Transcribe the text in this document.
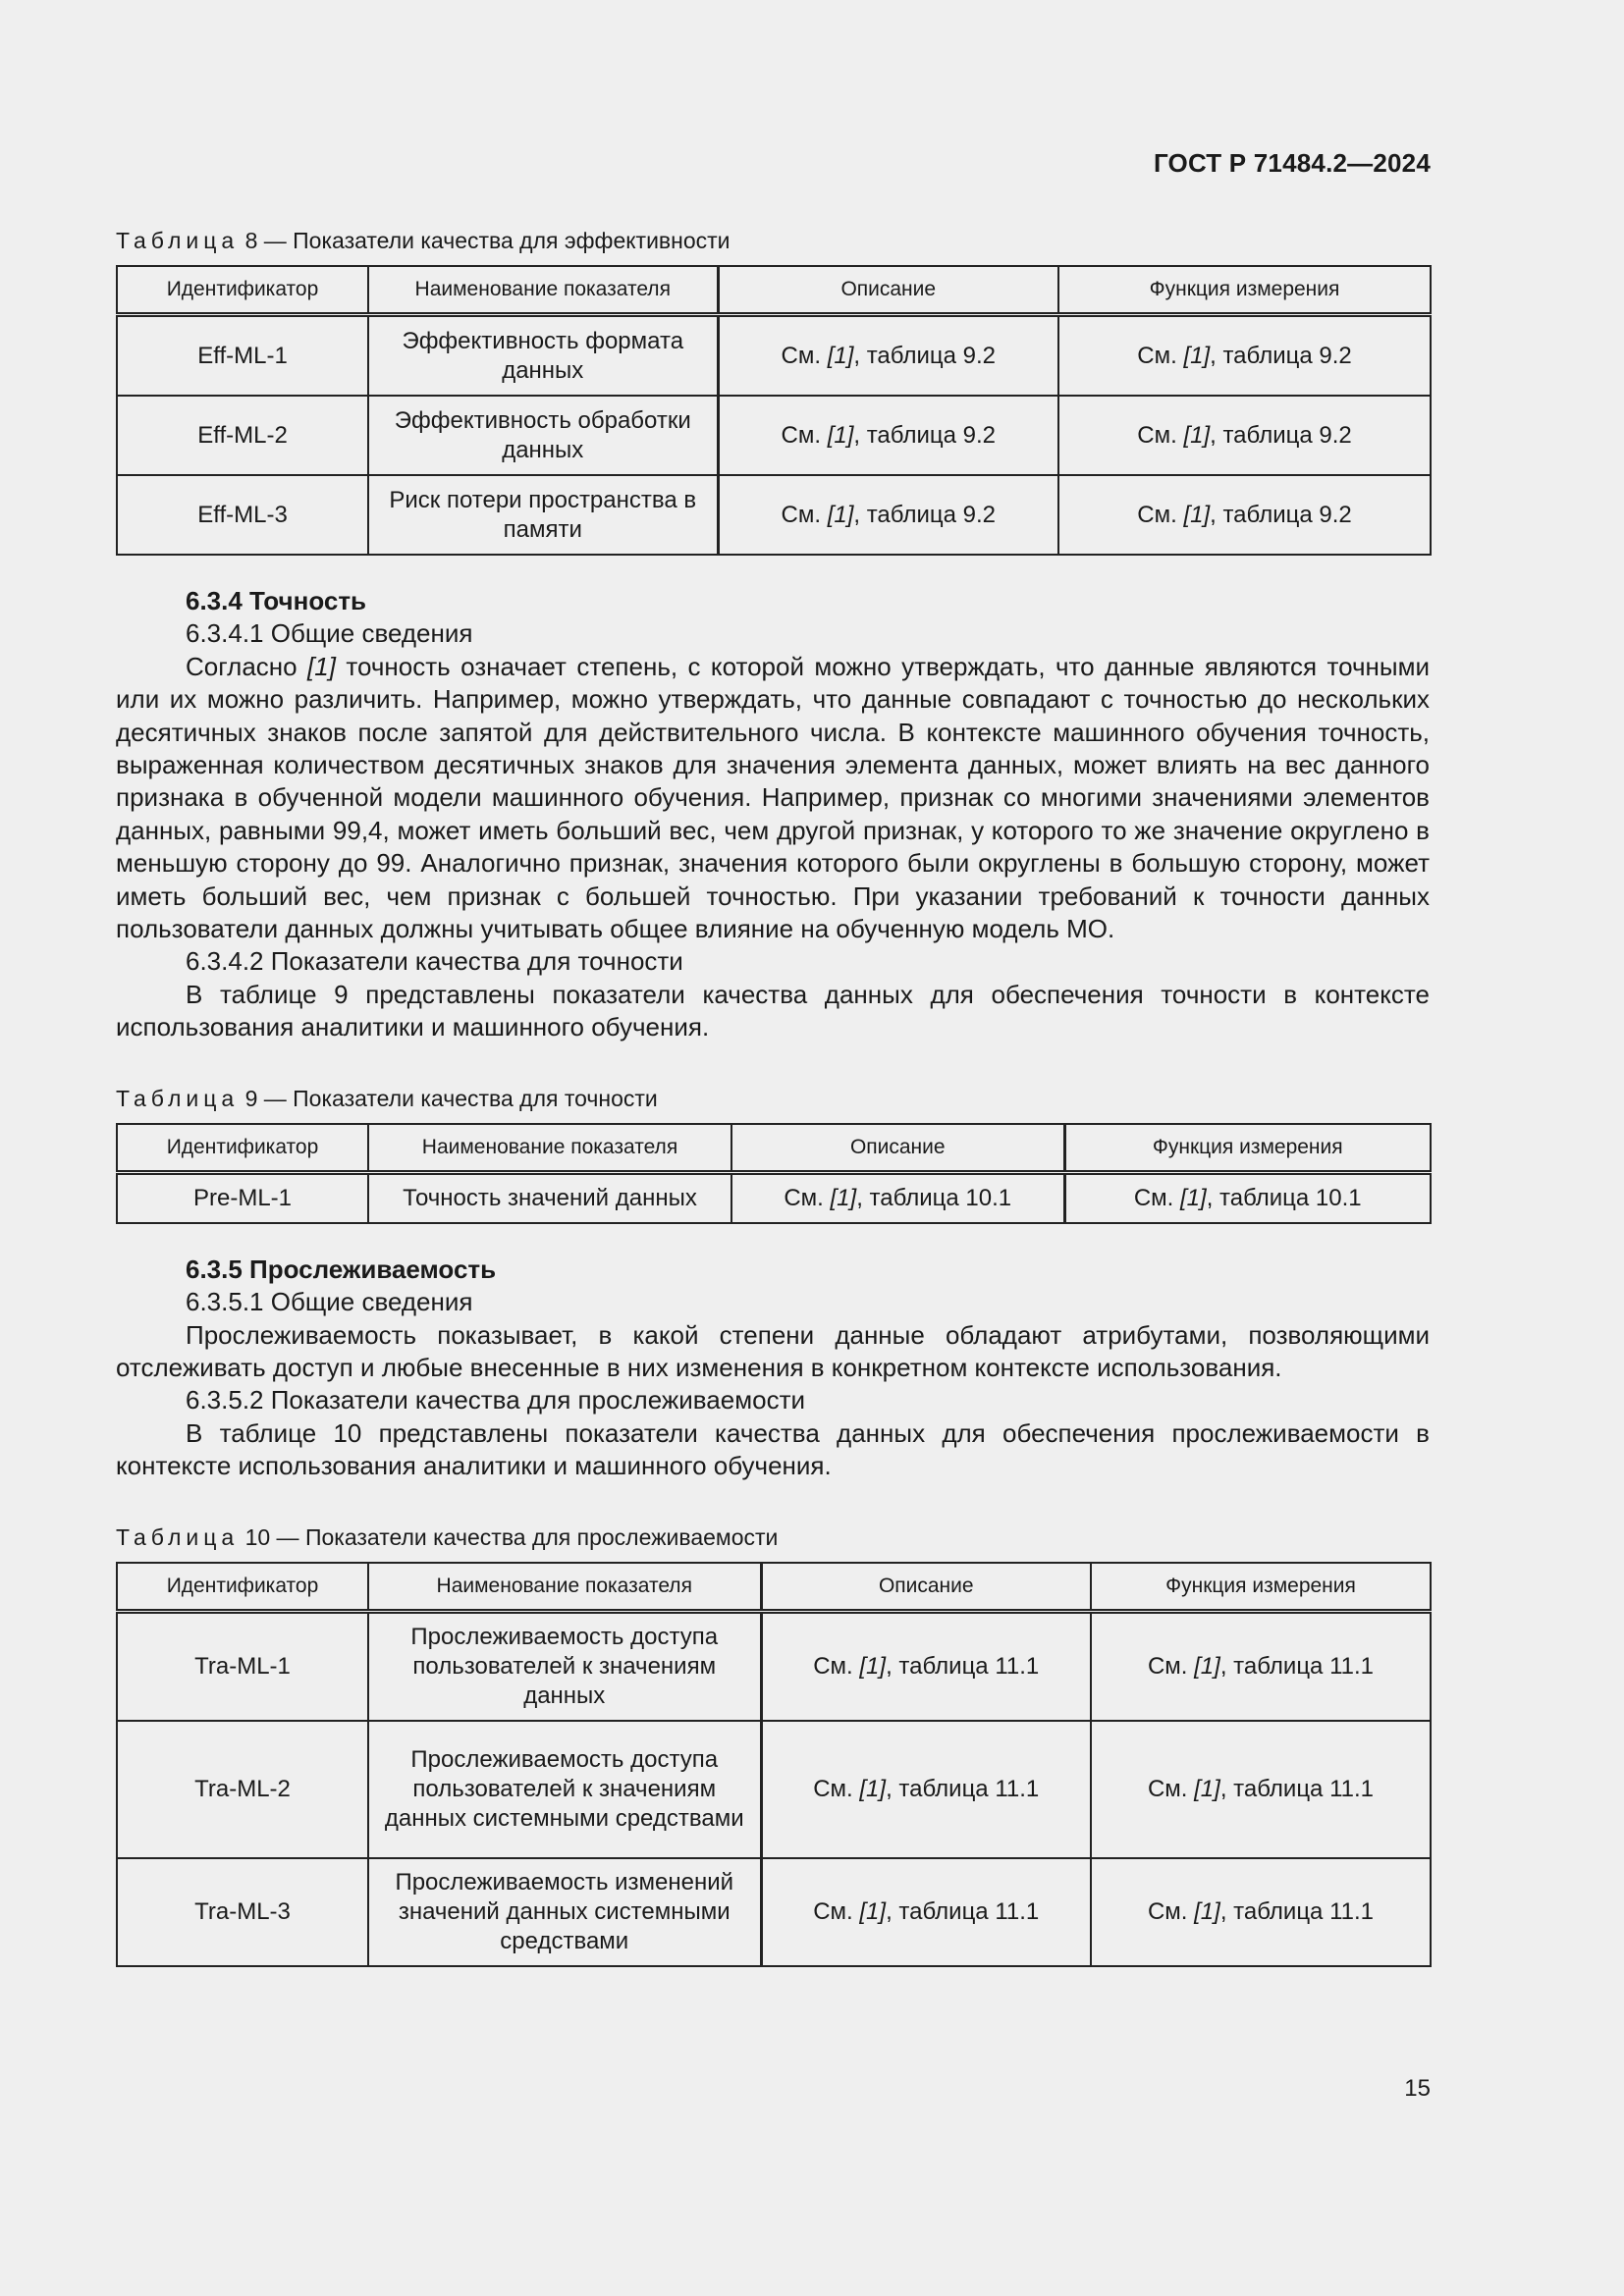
ГОСТ Р 71484.2—2024

Таблица 8 — Показатели качества для эффективности

Идентификатор	Наименование показателя	Описание	Функция измерения
Eff-ML-1	Эффективность формата данных	См. [1], таблица 9.2	См. [1], таблица 9.2
Eff-ML-2	Эффективность обработки данных	См. [1], таблица 9.2	См. [1], таблица 9.2
Eff-ML-3	Риск потери пространства в памяти	См. [1], таблица 9.2	См. [1], таблица 9.2

6.3.4 Точность

6.3.4.1 Общие сведения

Согласно [1] точность означает степень, с которой можно утверждать, что данные являются точными или их можно различить. Например, можно утверждать, что данные совпадают с точностью до нескольких десятичных знаков после запятой для действительного числа. В контексте машинного обучения точность, выраженная количеством десятичных знаков для значения элемента данных, может влиять на вес данного признака в обученной модели машинного обучения. Например, признак со многими значениями элементов данных, равными 99,4, может иметь больший вес, чем другой признак, у которого то же значение округлено в меньшую сторону до 99. Аналогично признак, значения которого были округлены в большую сторону, может иметь больший вес, чем признак с большей точностью. При указании требований к точности данных пользователи данных должны учитывать общее влияние на обученную модель МО.

6.3.4.2 Показатели качества для точности

В таблице 9 представлены показатели качества данных для обеспечения точности в контексте использования аналитики и машинного обучения.

Таблица 9 — Показатели качества для точности

Идентификатор	Наименование показателя	Описание	Функция измерения
Pre-ML-1	Точность значений данных	См. [1], таблица 10.1	См. [1], таблица 10.1

6.3.5 Прослеживаемость

6.3.5.1 Общие сведения

Прослеживаемость показывает, в какой степени данные обладают атрибутами, позволяющими отслеживать доступ и любые внесенные в них изменения в конкретном контексте использования.

6.3.5.2 Показатели качества для прослеживаемости

В таблице 10 представлены показатели качества данных для обеспечения прослеживаемости в контексте использования аналитики и машинного обучения.

Таблица 10 — Показатели качества для прослеживаемости

Идентификатор	Наименование показателя	Описание	Функция измерения
Tra-ML-1	Прослеживаемость доступа пользователей к значениям данных	См. [1], таблица 11.1	См. [1], таблица 11.1
Tra-ML-2	Прослеживаемость доступа пользователей к значениям данных системными средствами	См. [1], таблица 11.1	См. [1], таблица 11.1
Tra-ML-3	Прослеживаемость изменений значений данных системными средствами	См. [1], таблица 11.1	См. [1], таблица 11.1
15
